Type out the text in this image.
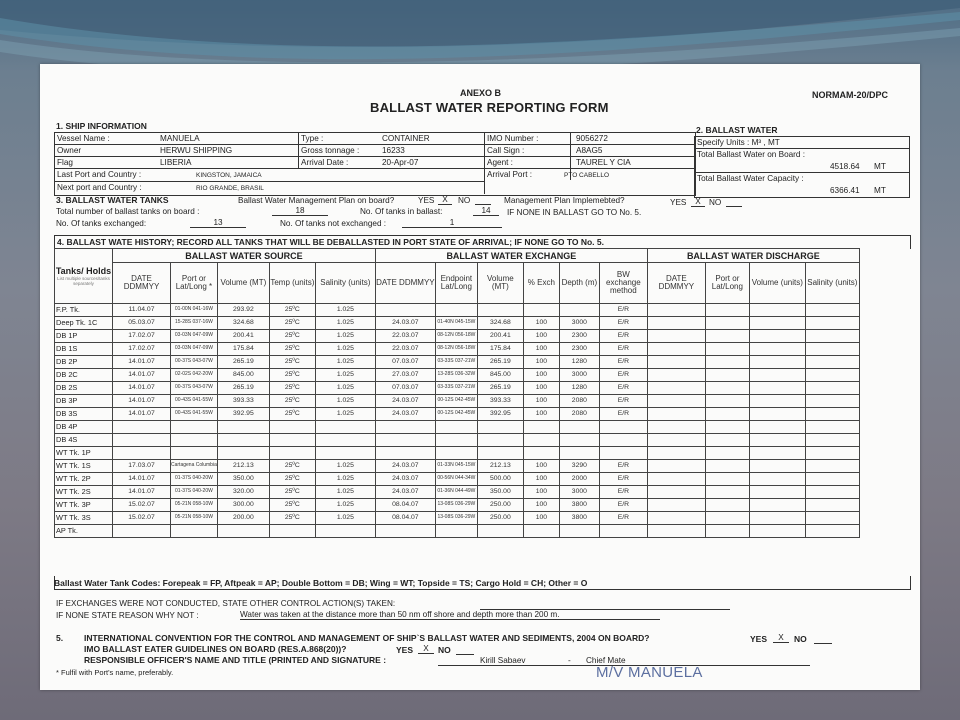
ANEXO B
BALLAST WATER REPORTING FORM
NORMAM-20/DPC
1. SHIP INFORMATION
Vessel Name :	MANUELA
Owner	HERWU SHIPPING
Flag	LIBERIA
Last Port and Country :	KINGSTON, JAMAICA
Next port and Country :	RIO GRANDE, BRASIL
Type :	CONTAINER
Gross tonnage :	16233
Arrival Date :	20-Apr-07
IMO Number :	9056272
Call Sign :	A8AG5
Agent :	TAUREL Y CIA
Arrival Port :	PTO CABELLO
2. BALLAST WATER
Specify Units : M³ , MT
Total Ballast Water on Board :
4518.64 MT
Total Ballast Water Capacity :
6366.41 MT
3. BALLAST WATER TANKS	Ballast Water Management Plan on board?	YES X	NO	Management Plan Implemebted?	YES	X	NO
Total number of ballast tanks on board :	18	No. Of tanks in ballast:	14	IF NONE IN BALLAST GO TO No. 5.
No. Of tanks exchanged:	13	No. Of tanks not exchanged :	1
4. BALLAST WATE HISTORY; RECORD ALL TANKS THAT WILL BE DEBALLASTED IN PORT STATE OF ARRIVAL; IF NONE GO TO No. 5.
Tanks/ Holds
List multiple sources/tanks separately	BALLAST WATER SOURCE					BALLAST WATER EXCHANGE						BALLAST WATER DISCHARGE			
	DATE DDMMYY	Port or Lat/Long *	Volume (MT)	Temp (units)	Salinity (units)	DATE DDMMYY	Endpoint Lat/Long	Volume (MT)	% Exch	Depth (m)	BW exchange method	DATE DDMMYY	Port or Lat/Long	Volume (units)	Salinity (units)
F.P. Tk.	11.04.07	01-00N 041-16W	293.92	25ºC	1.025						E/R				
Deep Tk. 1C	05.03.07	15-28S 037-16W	324.68	25ºC	1.025	24.03.07	01-40N 045-15W	324.68	100	3000	E/R				
DB 1P	17.02.07	03-03N 047-09W	200.41	25ºC	1.025	22.03.07	08-12N 056-18W	200.41	100	2300	E/R				
DB 1S	17.02.07	03-03N 047-09W	175.84	25ºC	1.025	22.03.07	08-12N 056-18W	175.84	100	2300	E/R				
DB 2P	14.01.07	00-37S 043-07W	265.19	25ºC	1.025	07.03.07	03-33S 037-21W	265.19	100	1280	E/R				
DB 2C	14.01.07	02-02S 042-20W	845.00	25ºC	1.025	27.03.07	13-28S 036-32W	845.00	100	3000	E/R				
DB 2S	14.01.07	00-37S 043-07W	265.19	25ºC	1.025	07.03.07	03-33S 037-21W	265.19	100	1280	E/R				
DB 3P	14.01.07	00-43S 041-55W	393.33	25ºC	1.025	24.03.07	00-12S 042-45W	393.33	100	2080	E/R				
DB 3S	14.01.07	00-43S 041-55W	392.95	25ºC	1.025	24.03.07	00-12S 042-45W	392.95	100	2080	E/R				
DB 4P															
DB 4S															
WT Tk. 1P															
WT Tk. 1S	17.03.07	Cartagena Columbia	212.13	25ºC	1.025	24.03.07	01-33N 045-15W	212.13	100	3290	E/R				
WT Tk. 2P	14.01.07	01-37S 040-20W	350.00	25ºC	1.025	24.03.07	00-56N 044-34W	500.00	100	2000	E/R				
WT Tk. 2S	14.01.07	01-37S 040-20W	320.00	25ºC	1.025	24.03.07	01-36N 044-49W	350.00	100	3000	E/R				
WT Tk. 3P	15.02.07	05-21N 058-10W	300.00	25ºC	1.025	08.04.07	13-08S 036-29W	250.00	100	3800	E/R				
WT Tk. 3S	15.02.07	05-21N 058-10W	200.00	25ºC	1.025	08.04.07	13-08S 036-29W	250.00	100	3800	E/R				
AP Tk.															
Ballast Water Tank Codes: Forepeak = FP, Aftpeak = AP; Double Bottom = DB; Wing = WT; Topside = TS; Cargo Hold = CH; Other = O
IF EXCHANGES WERE NOT CONDUCTED, STATE OTHER CONTROL ACTION(S) TAKEN:
IF NONE STATE REASON WHY NOT :	Water was taken at the distance more than 50 nm off shore and depth more than 200 m.
5. INTERNATIONAL CONVENTION FOR THE CONTROL AND MANAGEMENT OF SHIP`S BALLAST WATER AND SEDIMENTS, 2004 ON BOARD?	YES	X	NO
IMO BALLAST EATER GUIDELINES ON BOARD (RES.A.868(20))?	YES	X	NO
RESPONSIBLE OFFICER'S NAME AND TITLE (PRINTED AND SIGNATURE :	Kirill Sabaev	- Chief Mate
M/V MANUELA
* Fulfil with Port's name, preferably.
